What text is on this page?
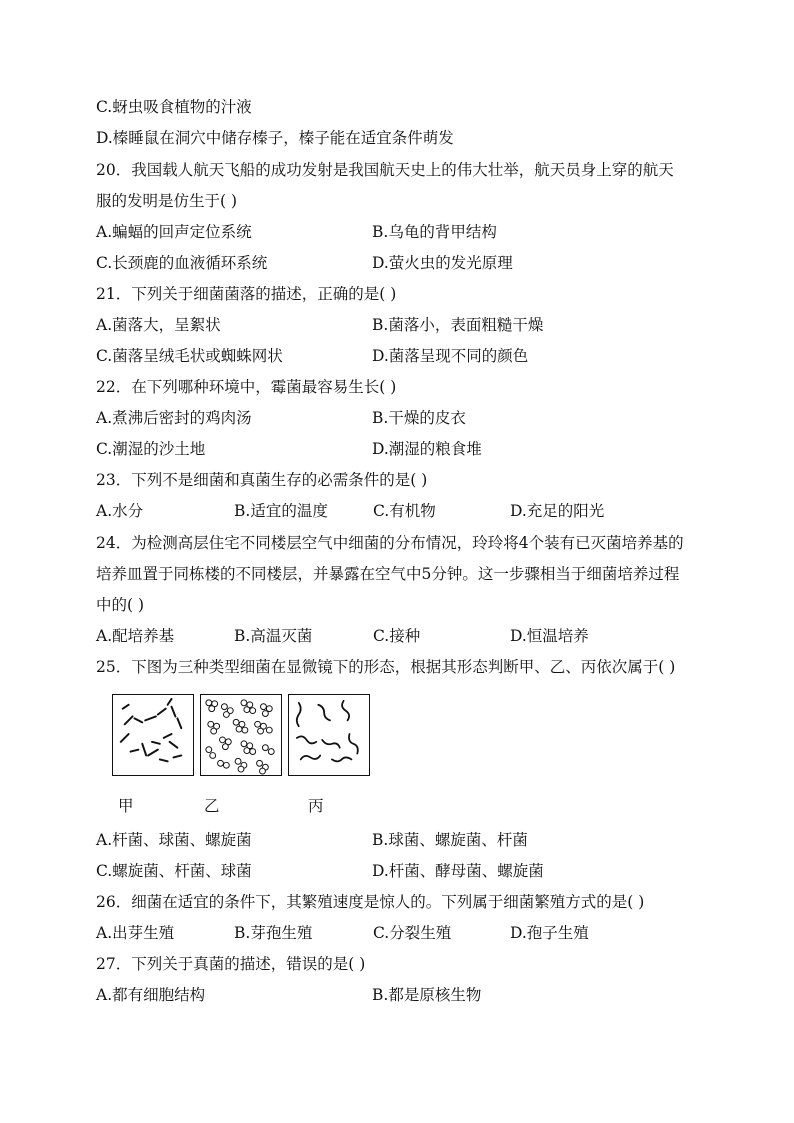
C.蚜虫吸食植物的汁液
D.榛睡鼠在洞穴中储存榛子，榛子能在适宜条件萌发
20．我国载人航天飞船的成功发射是我国航天史上的伟大壮举，航天员身上穿的航天
服的发明是仿生于( )
A.蝙蝠的回声定位系统	B.乌龟的背甲结构
C.长颈鹿的血液循环系统	D.萤火虫的发光原理
21．下列关于细菌菌落的描述，正确的是( )
A.菌落大，呈絮状	B.菌落小，表面粗糙干燥
C.菌落呈绒毛状或蜘蛛网状	D.菌落呈现不同的颜色
22．在下列哪种环境中，霉菌最容易生长( )
A.煮沸后密封的鸡肉汤	B.干燥的皮衣
C.潮湿的沙土地	D.潮湿的粮食堆
23．下列不是细菌和真菌生存的必需条件的是( )
A.水分	B.适宜的温度	C.有机物	D.充足的阳光
24．为检测高层住宅不同楼层空气中细菌的分布情况，玲玲将4个装有已灭菌培养基的
培养皿置于同栋楼的不同楼层，并暴露在空气中5分钟。这一步骤相当于细菌培养过程
中的( )
A.配培养基	B.高温灭菌	C.接种	D.恒温培养
25．下图为三种类型细菌在显微镜下的形态，根据其形态判断甲、乙、丙依次属于( )
甲	乙	丙
A.杆菌、球菌、螺旋菌	B.球菌、螺旋菌、杆菌
C.螺旋菌、杆菌、球菌	D.杆菌、酵母菌、螺旋菌
26．细菌在适宜的条件下，其繁殖速度是惊人的。下列属于细菌繁殖方式的是( )
A.出芽生殖	B.芽孢生殖	C.分裂生殖	D.孢子生殖
27．下列关于真菌的描述，错误的是( )
A.都有细胞结构	B.都是原核生物
